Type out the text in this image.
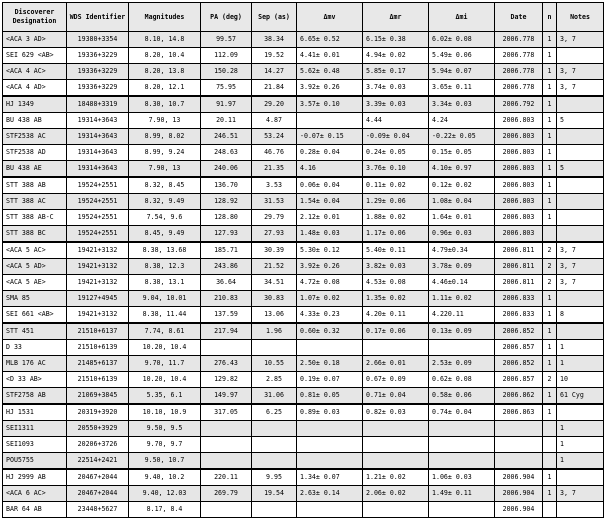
Discoverer Designation	WDS Identifier	Magnitudes	PA (deg)	Sep (as)	Δmv	Δmr	Δmi	Date	n	Notes
<ACA 3 AD>	19380+3354	8.10, 14.8	99.57	38.34	6.65± 0.52	6.15± 0.38	6.02± 0.08	2006.778	1	3, 7
SEI 629 <AB>	19336+3229	8.20, 10.4	112.09	19.52	4.41± 0.01	4.94± 0.02	5.49± 0.06	2006.778	1	
<ACA 4 AC>	19336+3229	8.20, 13.8	150.28	14.27	5.62± 0.48	5.85± 0.17	5.94± 0.07	2006.778	1	3, 7
<ACA 4 AD>	19336+3229	8.20, 12.1	75.95	21.84	3.92± 0.26	3.74± 0.03	3.65± 0.11	2006.778	1	3, 7
HJ 1349	18488+3319	8.30, 10.7	91.97	29.20	3.57± 0.10	3.39± 0.03	3.34± 0.03	2006.792	1	
BU 438 AB	19314+3643	7.90, 13	20.11	4.87		4.44	4.24	2006.803	1	5
STF2538 AC	19314+3643	8.99, 8.02	246.51	53.24	-0.07± 0.15	-0.09± 0.04	-0.22± 0.05	2006.803	1	
STF2538 AD	19314+3643	8.99, 9.24	248.63	46.76	0.28± 0.04	0.24± 0.05	0.15± 0.05	2006.803	1	
BU 438 AE	19314+3643	7.90, 13	240.06	21.35	4.16	3.76± 0.10	4.10± 0.97	2006.803	1	5
STT 388 AB	19524+2551	8.32, 8.45	136.70	3.53	0.06± 0.04	0.11± 0.02	0.12± 0.02	2006.803	1	
STT 388 AC	19524+2551	8.32, 9.49	128.92	31.53	1.54± 0.04	1.29± 0.06	1.08± 0.04	2006.803	1	
STT 388 AB-C	19524+2551	7.54, 9.6	128.80	29.79	2.12± 0.01	1.88± 0.02	1.64± 0.01	2006.803	1	
STT 388 BC	19524+2551	8.45, 9.49	127.93	27.93	1.48± 0.03	1.17± 0.06	0.96± 0.03	2006.803		
<ACA 5 AC>	19421+3132	8.38, 13.68	185.71	30.39	5.30± 0.12	5.40± 0.11	4.79±0.34	2006.811	2	3, 7
<ACA 5 AD>	19421+3132	8.38, 12.3	243.86	21.52	3.92± 0.26	3.82± 0.03	3.78± 0.09	2006.811	2	3, 7
<ACA 5 AE>	19421+3132	8.38, 13.1	36.64	34.51	4.72± 0.08	4.53± 0.08	4.46±0.14	2006.811	2	3, 7
SMA 85	19127+4945	9.04, 10.01	210.83	30.83	1.07± 0.02	1.35± 0.02	1.11± 0.02	2006.833	1	
SEI 661 <AB>	19421+3132	8.38, 11.44	137.59	13.06	4.33± 0.23	4.20± 0.11	4.220.11	2006.833	1	8
STT 451	21510+6137	7.74, 8.61	217.94	1.96	0.60± 0.32	0.17± 0.06	0.13± 0.09	2006.852	1	
D 33	21510+6139	10.20, 10.4						2006.857	1	1
MLB 176 AC	21485+6137	9.70, 11.7	276.43	10.55	2.50± 0.18	2.66± 0.01	2.53± 0.09	2006.852	1	1
<D 33 AB>	21510+6139	10.20, 10.4	129.82	2.85	0.19± 0.07	0.67± 0.09	0.62± 0.08	2006.857	2	10
STF2758 AB	21069+3845	5.35, 6.1	149.97	31.06	0.81± 0.05	0.71± 0.04	0.58± 0.06	2006.862	1	61 Cyg
HJ 1531	20319+3920	10.10, 10.9	317.05	6.25	0.89± 0.03	0.82± 0.03	0.74± 0.04	2006.863	1	
SEI1311	20550+3929	9.50, 9.5								1
SEI1093	20206+3726	9.70, 9.7								1
POU5755	22514+2421	9.50, 10.7								1
HJ 2999 AB	20467+2044	9.40, 10.2	220.11	9.95	1.34± 0.07	1.21± 0.02	1.06± 0.03	2006.904	1	
<ACA 6 AC>	20467+2044	9.40, 12.03	269.79	19.54	2.63± 0.14	2.06± 0.02	1.49± 0.11	2006.904	1	3, 7
BAR 64 AB	23448+5627	8.17, 8.4						2006.904		
